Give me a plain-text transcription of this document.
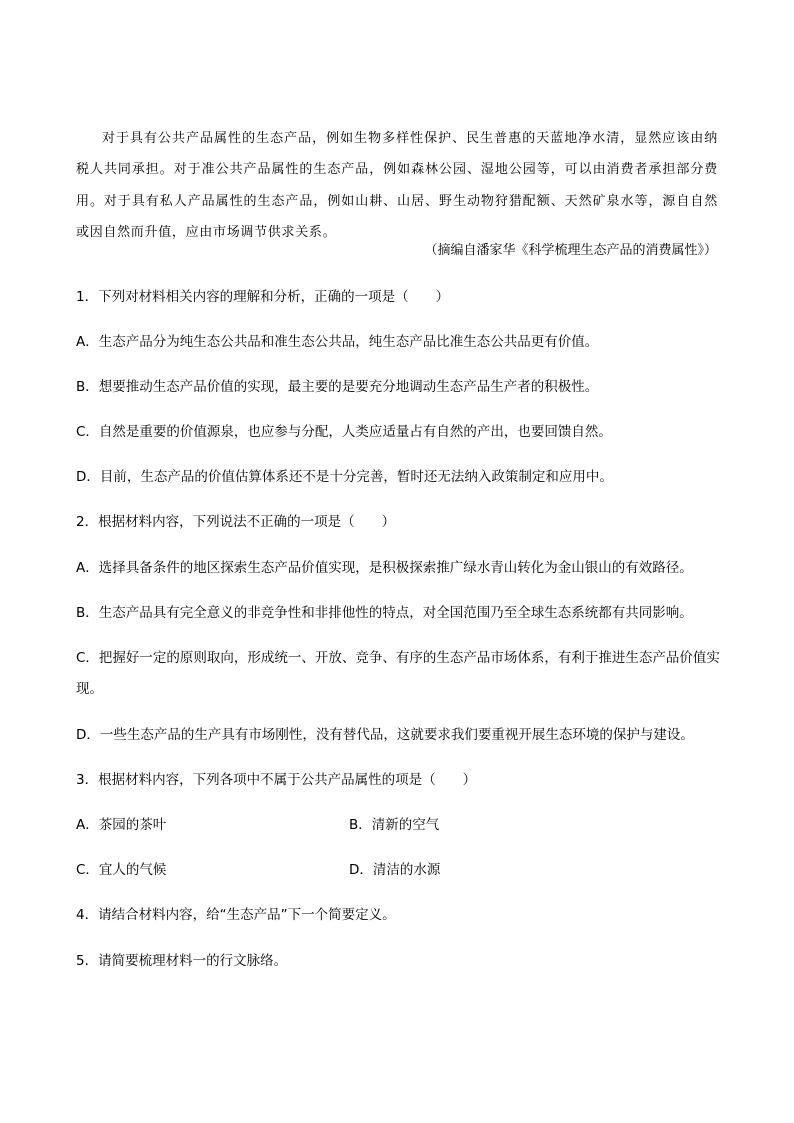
对于具有公共产品属性的生态产品，例如生物多样性保护、民生普惠的天蓝地净水清，显然应该由纳税人共同承担。对于准公共产品属性的生态产品，例如森林公园、湿地公园等，可以由消费者承担部分费用。对于具有私人产品属性的生态产品，例如山耕、山居、野生动物狩猎配额、天然矿泉水等，源自自然或因自然而升值，应由市场调节供求关系。

（摘编自潘家华《科学梳理生态产品的消费属性》）
1．下列对材料相关内容的理解和分析，正确的一项是（　　）
A．生态产品分为纯生态公共品和准生态公共品，纯生态产品比准生态公共品更有价值。
B．想要推动生态产品价值的实现，最主要的是要充分地调动生态产品生产者的积极性。
C．自然是重要的价值源泉，也应参与分配，人类应适量占有自然的产出，也要回馈自然。
D．目前，生态产品的价值估算体系还不是十分完善，暂时还无法纳入政策制定和应用中。
2．根据材料内容，下列说法不正确的一项是（　　）
A．选择具备条件的地区探索生态产品价值实现，是积极探索推广绿水青山转化为金山银山的有效路径。
B．生态产品具有完全意义的非竞争性和非排他性的特点，对全国范围乃至全球生态系统都有共同影响。
C．把握好一定的原则取向，形成统一、开放、竞争、有序的生态产品市场体系，有利于推进生态产品价值实现。
D．一些生态产品的生产具有市场刚性，没有替代品，这就要求我们要重视开展生态环境的保护与建设。
3．根据材料内容，下列各项中不属于公共产品属性的项是（　　）
A．茶园的茶叶	B．清新的空气
C．宜人的气候	D．清洁的水源
4．请结合材料内容，给“生态产品”下一个简要定义。
5．请简要梳理材料一的行文脉络。
